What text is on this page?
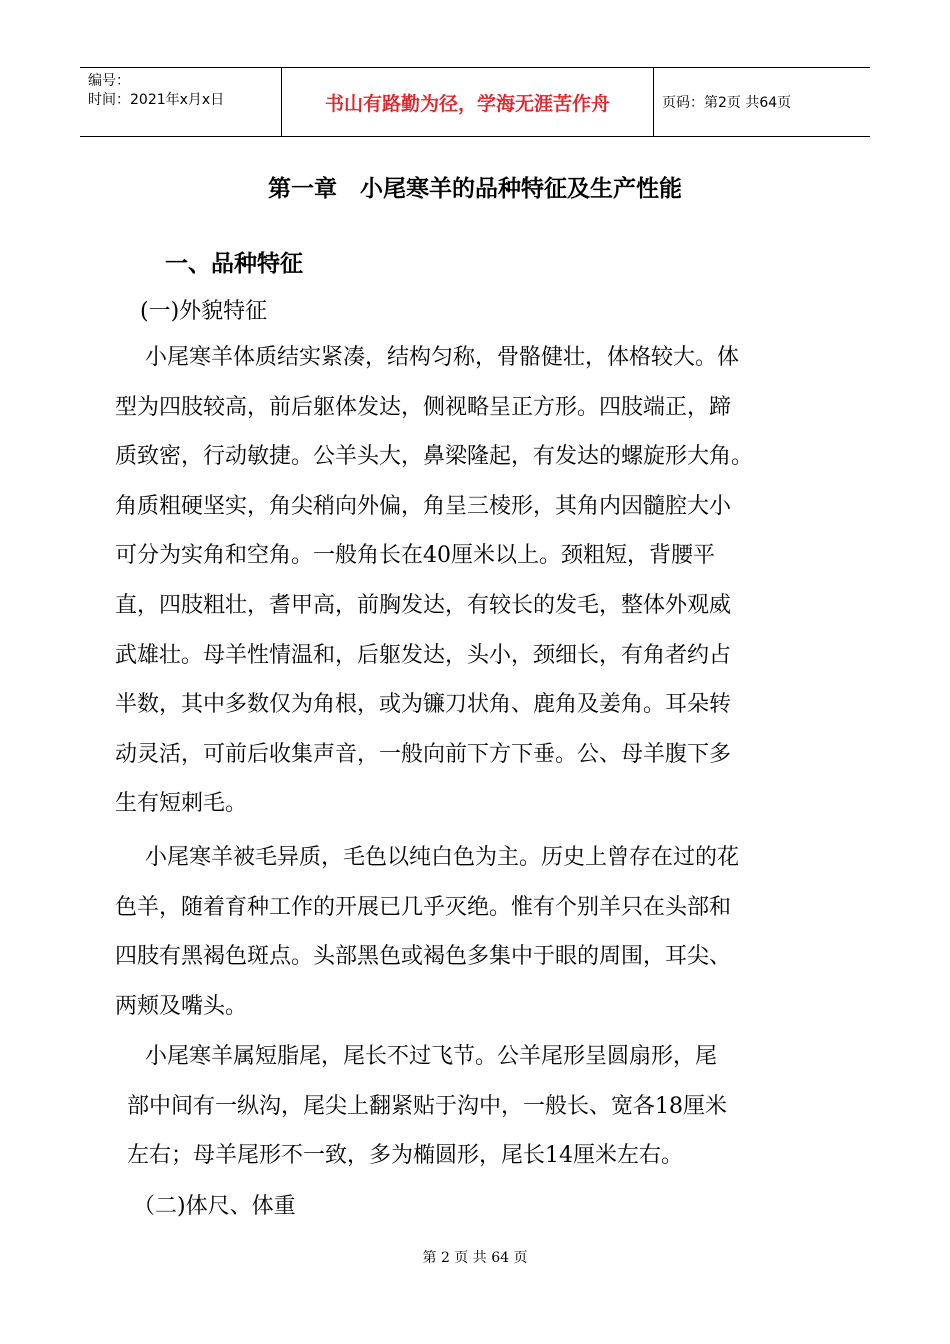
编号：
时间：2021年x月x日	书山有路勤为径，学海无涯苦作舟	页码：第2页 共64页
第一章　小尾寒羊的品种特征及生产性能
一、品种特征
(一)外貌特征
小尾寒羊体质结实紧凑，结构匀称，骨骼健壮，体格较大。体
型为四肢较高，前后躯体发达，侧视略呈正方形。四肢端正，蹄
质致密，行动敏捷。公羊头大，鼻梁隆起，有发达的螺旋形大角。
角质粗硬坚实，角尖稍向外偏，角呈三棱形，其角内因髓腔大小
可分为实角和空角。一般角长在40厘米以上。颈粗短，背腰平
直，四肢粗壮，耆甲高，前胸发达，有较长的发毛，整体外观威
武雄壮。母羊性情温和，后躯发达，头小，颈细长，有角者约占
半数，其中多数仅为角根，或为镰刀状角、鹿角及姜角。耳朵转
动灵活，可前后收集声音，一般向前下方下垂。公、母羊腹下多
生有短刺毛。
小尾寒羊被毛异质，毛色以纯白色为主。历史上曾存在过的花
色羊，随着育种工作的开展已几乎灭绝。惟有个别羊只在头部和
四肢有黑褐色斑点。头部黑色或褐色多集中于眼的周围，耳尖、
两颊及嘴头。
小尾寒羊属短脂尾，尾长不过飞节。公羊尾形呈圆扇形，尾
部中间有一纵沟，尾尖上翻紧贴于沟中，一般长、宽各18厘米
左右；母羊尾形不一致，多为椭圆形，尾长14厘米左右。
（二)体尺、体重
第 2 页 共 64 页
